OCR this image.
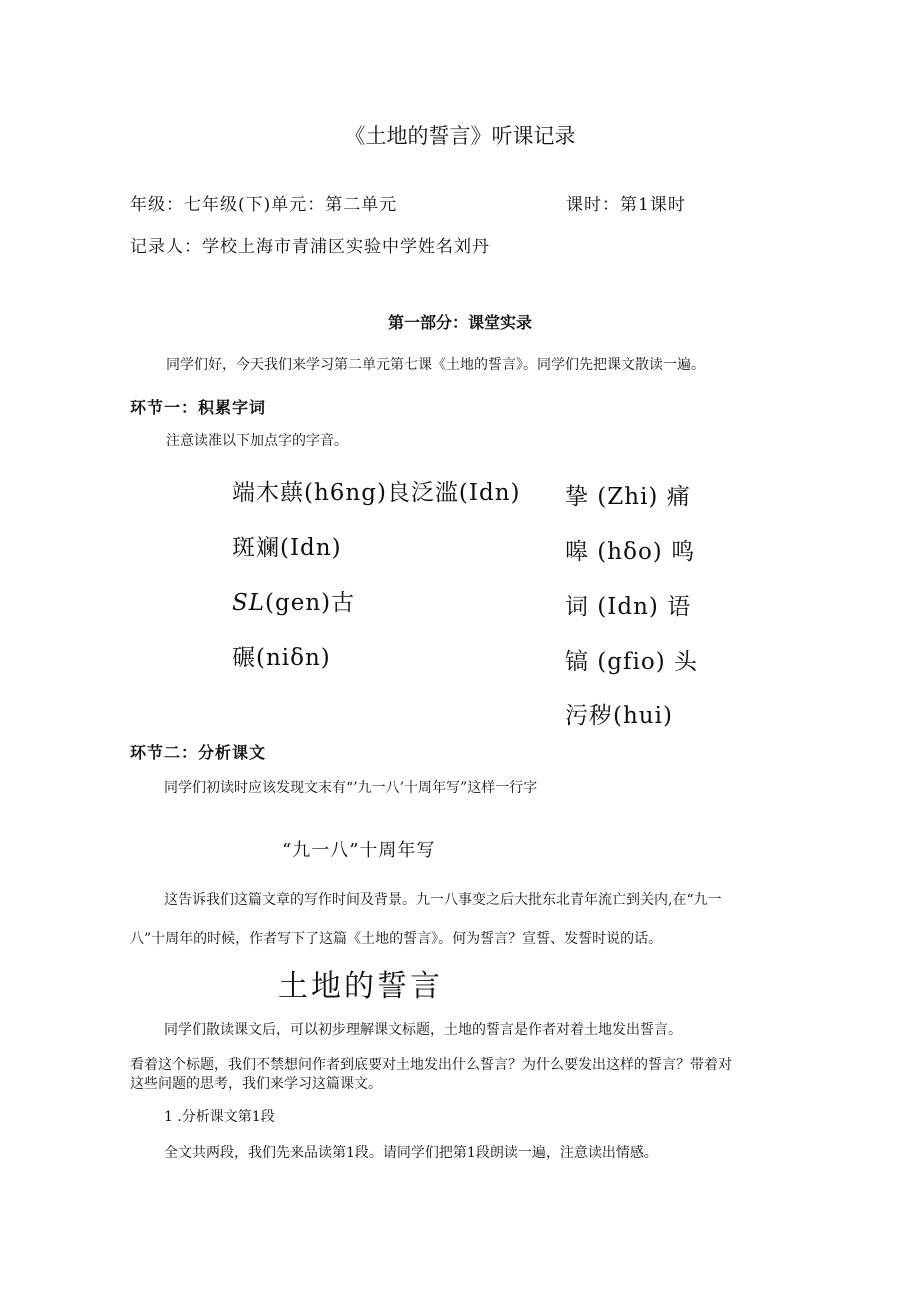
《土地的誓言》听课记录
年级：七年级(下)单元：第二单元	课时：第1课时
记录人：学校上海市青浦区实验中学姓名刘丹
第一部分：课堂实录
同学们好，今天我们来学习第二单元第七课《土地的誓言》。同学们先把课文散读一遍。
环节一：积累字词
注意读准以下加点字的字音。
端木蕻(h6ng)良泛滥(Idn)
斑斓(Idn)
SL(gen)古
碾(niδn)
挚 (Zhi) 痛
嗥 (hδo) 鸣
词 (Idn) 语
镐 (gfio) 头
污秽(hui)
环节二：分析课文
同学们初读时应该发现文末有“’九一八’十周年写”这样一行字
“九一八”十周年写
这告诉我们这篇文章的写作时间及背景。九一八事变之后大批东北青年流亡到关内,在“九一
八”十周年的时候，作者写下了这篇《土地的誓言》。何为誓言？宣誓、发誓时说的话。
土地的誓言
同学们散读课文后，可以初步理解课文标题，土地的誓言是作者对着土地发出誓言。
看着这个标题，我们不禁想问作者到底要对土地发出什么誓言？为什么要发出这样的誓言？带着对
这些问题的思考，我们来学习这篇课文。
1 .分析课文第1段
全文共两段，我们先来品读第1段。请同学们把第1段朗读一遍，注意读出情感。
